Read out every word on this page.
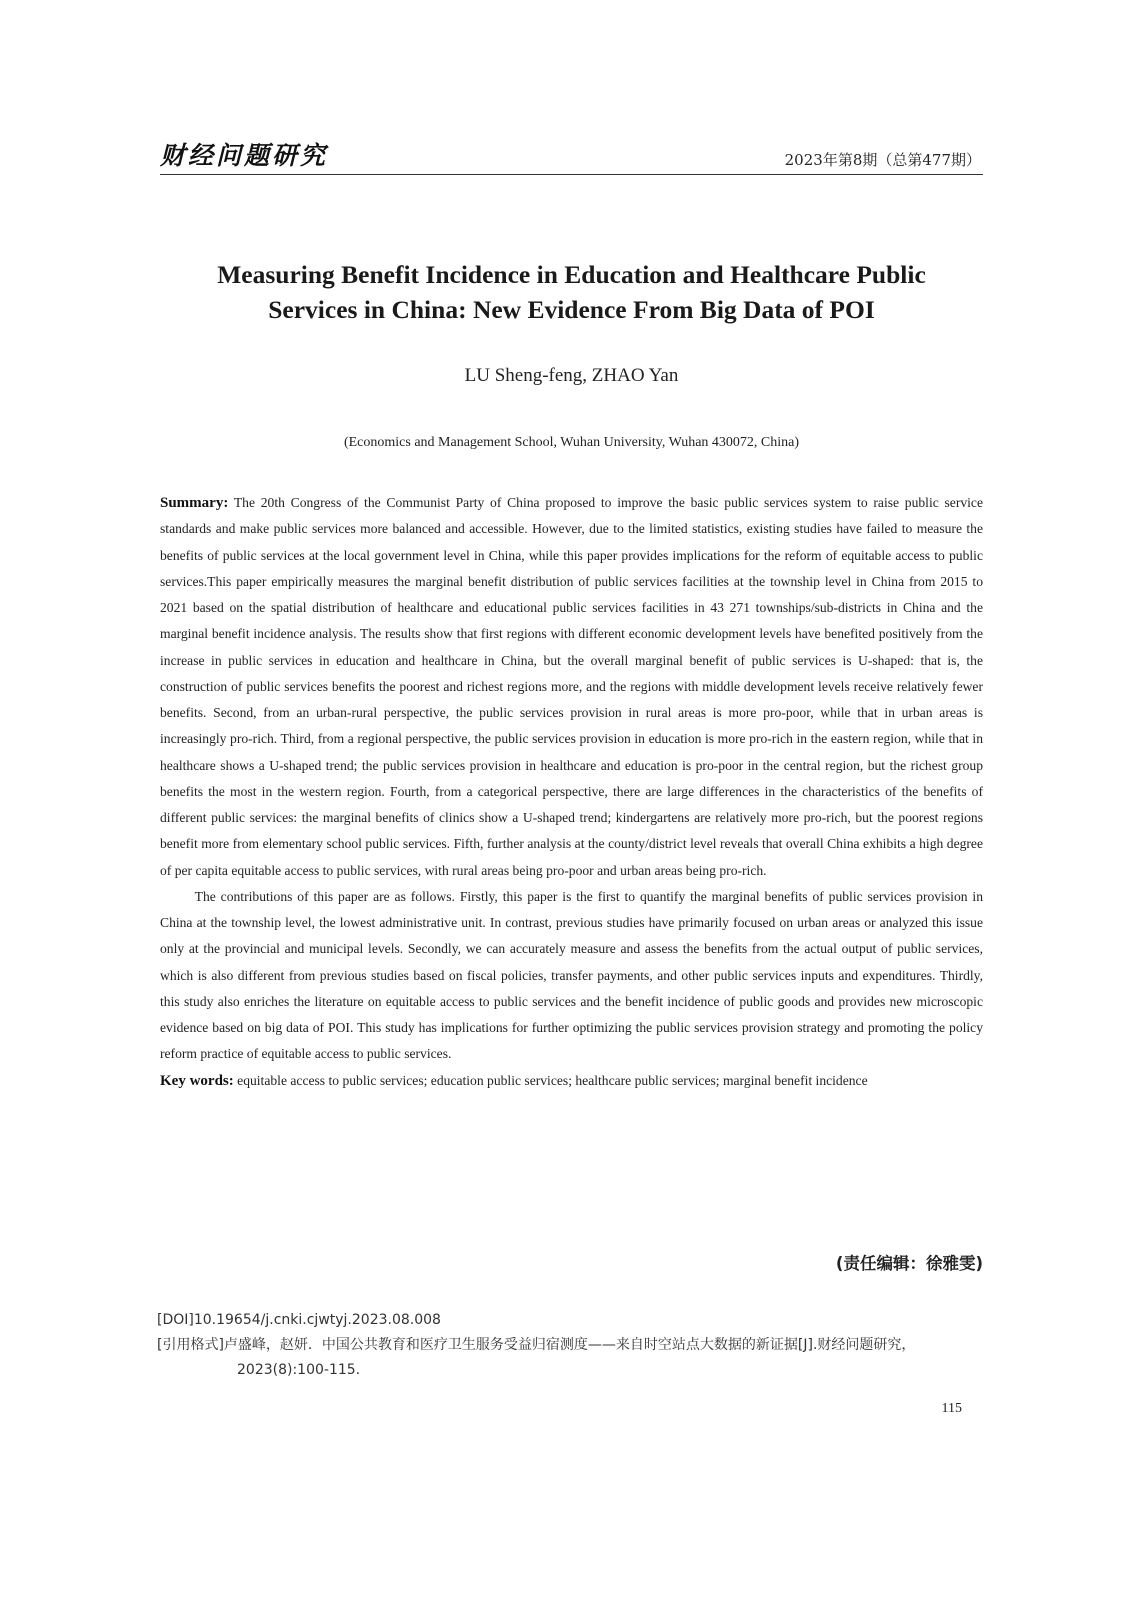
财经问题研究	2023年第8期（总第477期）
Measuring Benefit Incidence in Education and Healthcare Public
Services in China: New Evidence From Big Data of POI
LU Sheng-feng, ZHAO Yan
(Economics and Management School, Wuhan University, Wuhan 430072, China)

Summary: The 20th Congress of the Communist Party of China proposed to improve the basic public services system to raise public service standards and make public services more balanced and accessible. However, due to the limited statistics, existing studies have failed to measure the benefits of public services at the local government level in China, while this paper provides implications for the reform of equitable access to public services.This paper empirically measures the marginal benefit distribution of public services facilities at the township level in China from 2015 to 2021 based on the spatial distribution of healthcare and educational public services facilities in 43 271 townships/sub-districts in China and the marginal benefit incidence analysis. The results show that first regions with different economic development levels have benefited positively from the increase in public services in education and healthcare in China, but the overall marginal benefit of public services is U-shaped: that is, the construction of public services benefits the poorest and richest regions more, and the regions with middle development levels receive relatively fewer benefits. Second, from an urban-rural perspective, the public services provision in rural areas is more pro-poor, while that in urban areas is increasingly pro-rich. Third, from a regional perspective, the public services provision in education is more pro-rich in the eastern region, while that in healthcare shows a U-shaped trend; the public services provision in healthcare and education is pro-poor in the central region, but the richest group benefits the most in the western region. Fourth, from a categorical perspective, there are large differences in the characteristics of the benefits of different public services: the marginal benefits of clinics show a U-shaped trend; kindergartens are relatively more pro-rich, but the poorest regions benefit more from elementary school public services. Fifth, further analysis at the county/district level reveals that overall China exhibits a high degree of per capita equitable access to public services, with rural areas being pro-poor and urban areas being pro-rich.

The contributions of this paper are as follows. Firstly, this paper is the first to quantify the marginal benefits of public services provision in China at the township level, the lowest administrative unit. In contrast, previous studies have primarily focused on urban areas or analyzed this issue only at the provincial and municipal levels. Secondly, we can accurately measure and assess the benefits from the actual output of public services, which is also different from previous studies based on fiscal policies, transfer payments, and other public services inputs and expenditures. Thirdly, this study also enriches the literature on equitable access to public services and the benefit incidence of public goods and provides new microscopic evidence based on big data of POI. This study has implications for further optimizing the public services provision strategy and promoting the policy reform practice of equitable access to public services.

Key words: equitable access to public services; education public services; healthcare public services; marginal benefit incidence

(责任编辑：徐雅雯)

[DOI]10.19654/j.cnki.cjwtyj.2023.08.008

[引用格式]卢盛峰，赵妍．中国公共教育和医疗卫生服务受益归宿测度——来自时空站点大数据的新证据[J].财经问题研究，2023(8):100-115.

115
